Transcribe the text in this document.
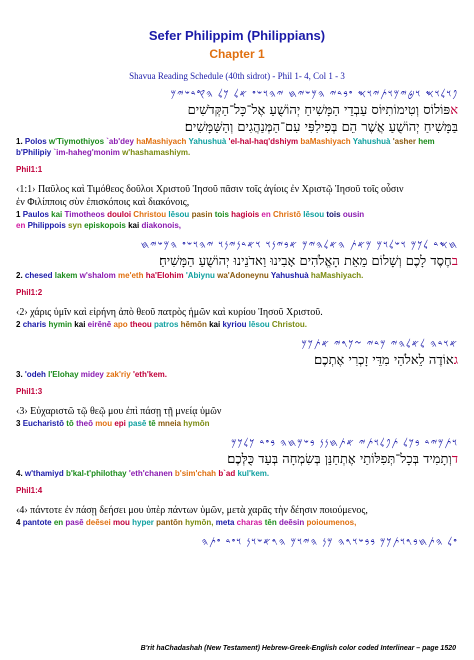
Sefer Philippim (Philippians)
Chapter 1
Shavua Reading Schedule (40th sidrot) - Phil 1- 4, Col 1 - 3
𐤐𐤅𐤋𐤅𐤎 𐤅𐤈𐤉𐤌𐤅𐤕𐤉𐤅𐤎 𐤏𐤁𐤃𐤉 𐤄𐤌𐤔𐤉𐤇 𐤉𐤄𐤅𐤔𐤏 𐤀𐤋 𐤊𐤋 𐤄𐤒𐤃𐤔𐤉𐤌
אפּוֹלוֹס וְטִימוֹתִיּוֹס עַבְדֵי הַמָּשִׁיחַ יְהוֹשֻׁעַ אֶל־כָּל־הַקְּדֹשִׁים
בַּמָּשִׁיחַ יְהוֹשֻׁעַ אֲשֶׁר הֵם בְּפִילִפִּי עִם־הַמְּנַהֲגִים וְהַשַּׁמָּשִׁים׃
1. Polos w'Tiymothiyos `ab'dey haMashiyach Yahushuà 'el-hal-haq'dshiym baMashiyach Yahushuà 'asher hem b'Philipiy `im-haheg'monim w'hashamashiym.
Phil1:1
‹1:1› Παῦλος καὶ Τιμόθεος δοῦλοι Χριστοῦ Ἰησοῦ πᾶσιν τοῖς ἁγίοις ἐν Χριστῷ Ἰησοῦ τοῖς οὖσιν
ἐν Φιλίπποις σὺν ἐπισκόποις καὶ διακόνοις,
1 Paulos kai Timotheos douloi Christou Iēsou pasin tois hagiois en Christō Iēsou tois ousin
en Philippois syn episkopois kai diakonois,
𐤇𐤎𐤃 𐤋𐤊𐤌 𐤅𐤔𐤋𐤅𐤌 𐤌𐤀𐤕 𐤄𐤀𐤋𐤄𐤉𐤌 𐤀𐤁𐤉𐤍𐤅 𐤅𐤀𐤃𐤍𐤉𐤍𐤅 𐤉𐤄𐤅𐤔𐤏 𐤄𐤌𐤔𐤉𐤇
בחֶסֶד לָכֶם וְשָׁלוֹם מֵאֵת הָאֱלֹהִים אָבִינוּ וַאדֹנֵינוּ יְהוֹשֻׁעַ הַמָּשִׁיחַ׃
2. chesed lakem w'shalom me'eth ha'Elohim 'Abiynu wa'Adoneynu Yahushuà haMashiyach.
Phil1:2
‹2› χάρις ὑμῖν καὶ εἰρήνη ἀπὸ θεοῦ πατρὸς ἡμῶν καὶ κυρίου Ἰησοῦ Χριστοῦ.
2 charis hymin kai eirēnē apo theou patros hēmōn kai kyriou Iēsou Christou.
𐤀𐤅𐤃𐤄 𐤋𐤀𐤋𐤄𐤉 𐤌𐤃𐤉 𐤆𐤊𐤓𐤉 𐤀𐤕𐤊𐤌
גאוֹדֶה לֵאלֹהַי מִדֵּי זָכְרִי אֶתְכֶם׃
3. 'odeh l'Elohay midey zak'riy 'eth'kem.
Phil1:3
‹3› Εὐχαριστῶ τῷ θεῷ μου ἐπὶ πάσῃ τῇ μνείᾳ ὑμῶν
3 Eucharistō tō theō mou epi pasē tē mneia hymōn
𐤅𐤕𐤌𐤉𐤃 𐤁𐤊𐤋 𐤕𐤐𐤋𐤅𐤕𐤉 𐤀𐤕𐤇𐤍𐤍 𐤁𐤔𐤌𐤇𐤄 𐤁𐤏𐤃 𐤊𐤋𐤊𐤌
דוְתָמִיד בְּכָל־תְּפִלּוֹתַי אֶתְחַנֵּן בְּשִׂמְחָה בְּעַד כֻּלְּכֶם׃
4. w'thamiyd b'kal-t'philothay 'eth'chanen b'sim'chah b`ad kul'kem.
Phil1:4
‹4› πάντοτε ἐν πάσῃ δεήσει μου ὑπὲρ πάντων ὑμῶν, μετὰ χαρᾶς τὴν δέησιν ποιούμενος,
4 pantote en pasē deēsei mou hyper pantōn hymōn, meta charas tēn deēsin poioumenos,
𐤏𐤋 𐤄𐤕𐤇𐤁𐤓𐤅𐤕𐤊𐤌 𐤁𐤁𐤔𐤅𐤓𐤄 𐤌𐤍 𐤄𐤉𐤅𐤌 𐤄𐤓𐤀𐤔𐤅𐤍 𐤅𐤏𐤃 𐤏𐤕𐤄
B'rit haChadashah (New Testament) Hebrew-Greek-English color coded Interlinear – page 1520
